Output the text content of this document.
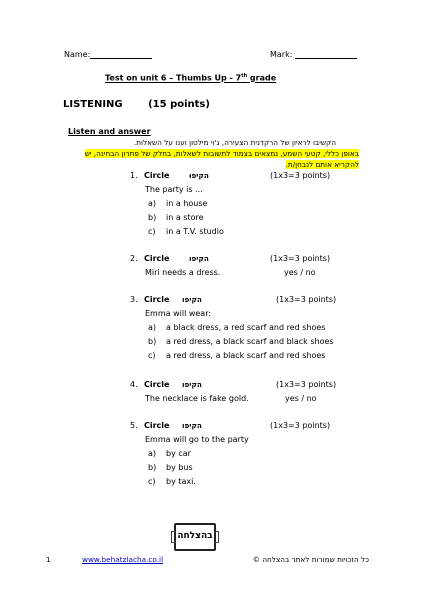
Name:	Mark:
Test on unit 6 – Thumbs Up - 7th grade
LISTENING	(15 points)
Listen and answer
הקשיבו לראיון של הרקדנית הצעירה, ג'וי מילטון וענו על השאלות.
באופן כללי, קטעי השמע, נמצאים בצמוד לתשובות לשאלות, בחלק של פתרון הבחינה, יש
להקריא אותם לנבחן/ת.
1. Circle	הקיפו	(1x3=3 points)
The party is ...
a) in a house
b) in a store
c) in a T.V. studio
2. Circle	הקיפו	(1x3=3 points)
Miri needs a dress.	yes / no
3. Circle הקיפו	(1x3=3 points)
Emma will wear:
a) a black dress, a red scarf and red shoes
b) a red dress, a black scarf and black shoes
c) a red dress, a black scarf and red shoes
4. Circle הקיפו	(1x3=3 points)
The necklace is fake gold.	yes / no
5. Circle הקיפו	(1x3=3 points)
Emma will go to the party
a) by car
b) by bus
c) by taxi.
בהצלחה
1	www.behatzlacha.co.il	כל הזכויות שמורות לאתר בהצלחה ©
